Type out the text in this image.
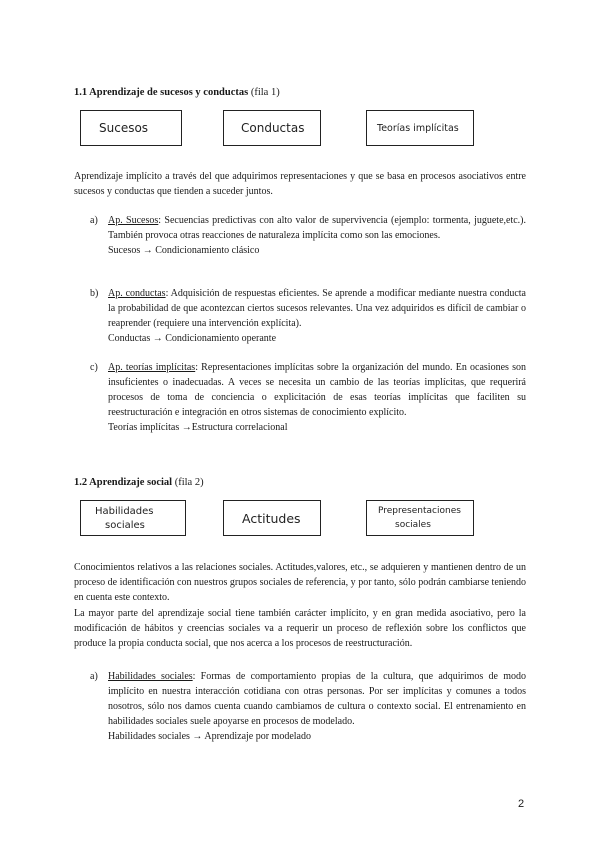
1.1 Aprendizaje de sucesos y conductas (fila 1)
Sucesos	Conductas	Teorías implícitas
Aprendizaje implícito a través del que adquirimos representaciones y que se basa en procesos asociativos entre sucesos y conductas que tienden a suceder juntos.
a) Ap. Sucesos: Secuencias predictivas con alto valor de supervivencia (ejemplo: tormenta, juguete,etc.). También provoca otras reacciones de naturaleza implícita como son las emociones.
Sucesos → Condicionamiento clásico
b) Ap. conductas: Adquisición de respuestas eficientes. Se aprende a modificar mediante nuestra conducta la probabilidad de que acontezcan ciertos sucesos relevantes. Una vez adquiridos es difícil de cambiar o reaprender (requiere una intervención explícita).
Conductas → Condicionamiento operante
c) Ap. teorías implícitas: Representaciones implícitas sobre la organización del mundo. En ocasiones son insuficientes o inadecuadas. A veces se necesita un cambio de las teorías implícitas, que requerirá procesos de toma de conciencia o explicitación de esas teorías implícitas que faciliten su reestructuración e integración en otros sistemas de conocimiento explícito.
Teorías implícitas →Estructura correlacional
1.2 Aprendizaje social (fila 2)
Habilidades
sociales	Actitudes	Prepresentaciones
sociales
Conocimientos relativos a las relaciones sociales. Actitudes,valores, etc., se adquieren y mantienen dentro de un proceso de identificación con nuestros grupos sociales de referencia, y por tanto, sólo podrán cambiarse teniendo en cuenta este contexto.
La mayor parte del aprendizaje social tiene también carácter implícito, y en gran medida asociativo, pero la modificación de hábitos y creencias sociales va a requerir un proceso de reflexión sobre los conflictos que produce la propia conducta social, que nos acerca a los procesos de reestructuración.
a) Habilidades sociales: Formas de comportamiento propias de la cultura, que adquirimos de modo implícito en nuestra interacción cotidiana con otras personas. Por ser implícitas y comunes a todos nosotros, sólo nos damos cuenta cuando cambiamos de cultura o contexto social. El entrenamiento en habilidades sociales suele apoyarse en procesos de modelado.
Habilidades sociales → Aprendizaje por modelado
2
